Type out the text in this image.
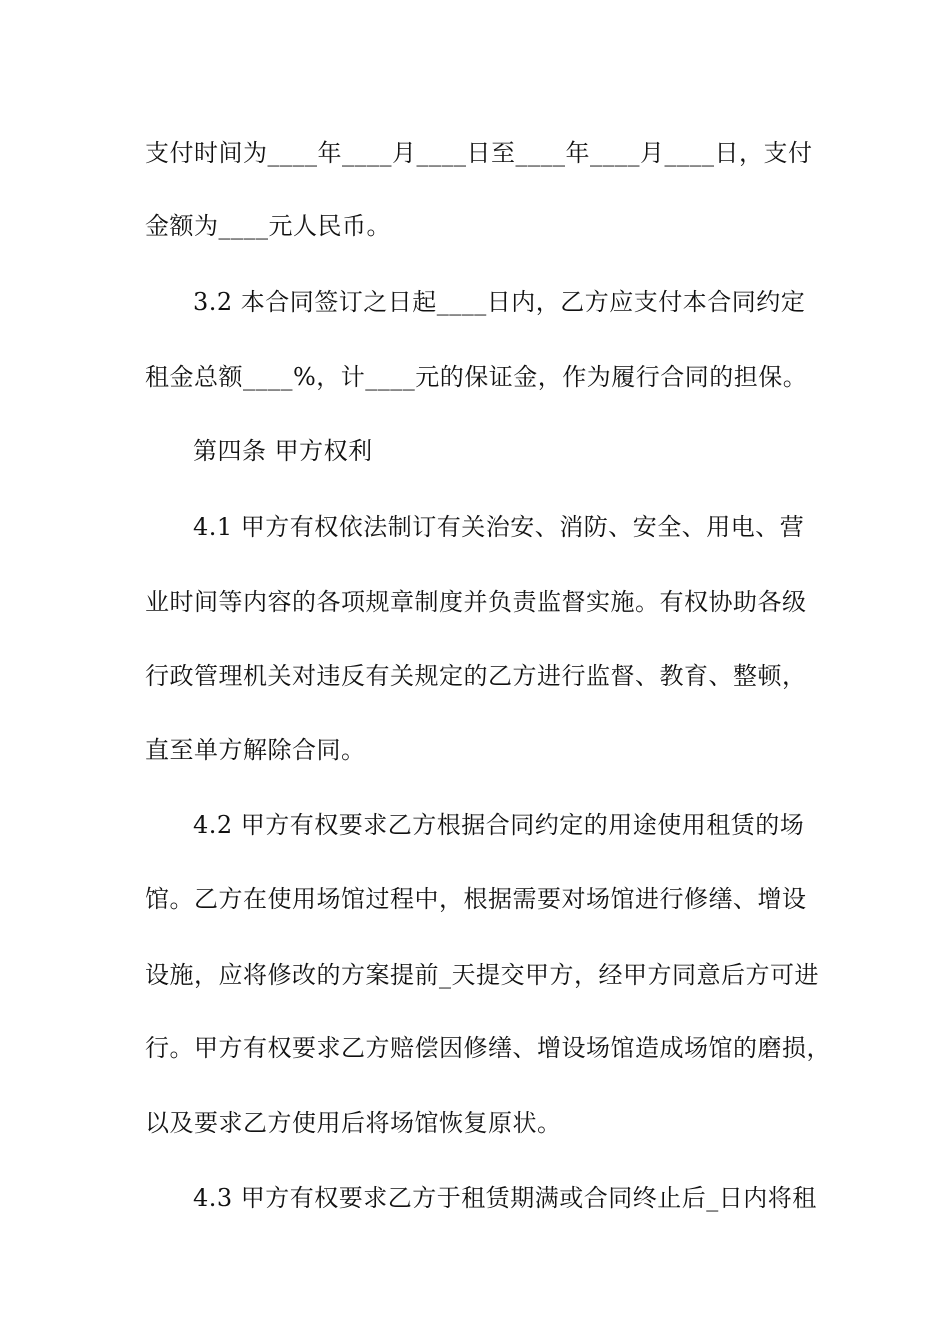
支付时间为____年____月____日至____年____月____日，支付
金额为____元人民币。
3.2 本合同签订之日起____日内，乙方应支付本合同约定
租金总额____%，计____元的保证金，作为履行合同的担保。
第四条 甲方权利
4.1 甲方有权依法制订有关治安、消防、安全、用电、营
业时间等内容的各项规章制度并负责监督实施。有权协助各级
行政管理机关对违反有关规定的乙方进行监督、教育、整顿，
直至单方解除合同。
4.2 甲方有权要求乙方根据合同约定的用途使用租赁的场
馆。乙方在使用场馆过程中，根据需要对场馆进行修缮、增设
设施，应将修改的方案提前_天提交甲方，经甲方同意后方可进
行。甲方有权要求乙方赔偿因修缮、增设场馆造成场馆的磨损，
以及要求乙方使用后将场馆恢复原状。
4.3 甲方有权要求乙方于租赁期满或合同终止后_日内将租
